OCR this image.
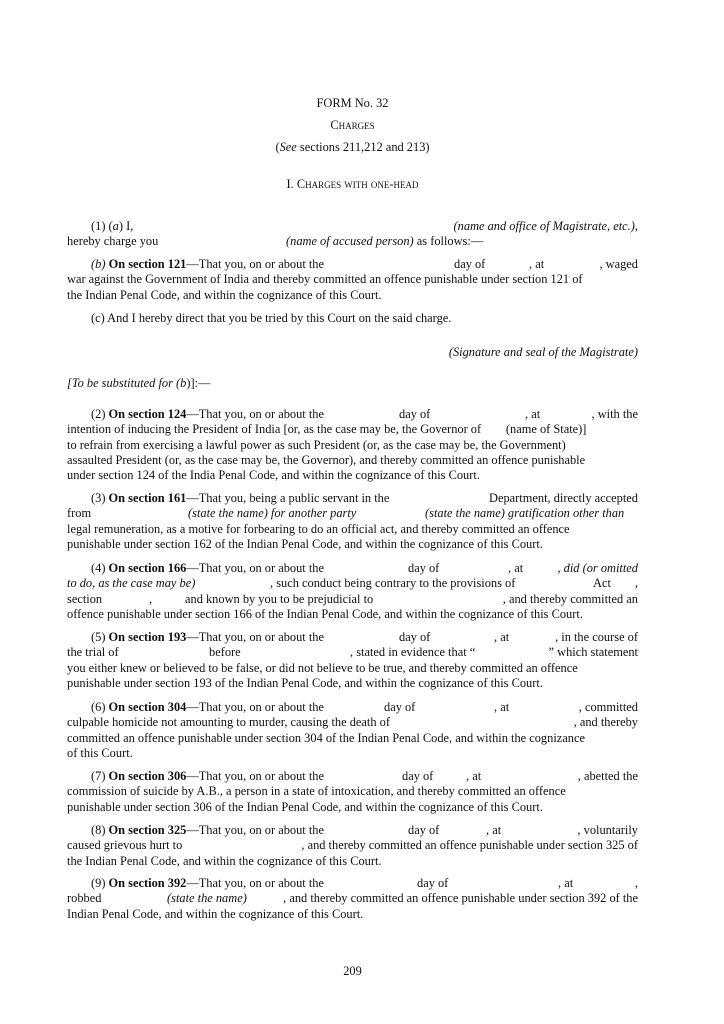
FORM No. 32
Charges
(See sections 211,212 and 213)
I. Charges with one-head
(1) (a) I,	(name and office of Magistrate, etc.),
hereby charge you	(name of accused person) as follows:—
(b) On section 121—That you, on or about the	day of	, at	, waged
war against the Government of India and thereby committed an offence punishable under section 121 of
the Indian Penal Code, and within the cognizance of this Court.
(c) And I hereby direct that you be tried by this Court on the said charge.
(Signature and seal of the Magistrate)
[To be substituted for (b)]:—
(2) On section 124—That you, on or about the	day of	, at	, with the
intention of inducing the President of India [or, as the case may be, the Governor of        (name of State)]
to refrain from exercising a lawful power as such President (or, as the case may be, the Government)
assaulted President (or, as the case may be, the Governor), and thereby committed an offence punishable
under section 124 of the India Penal Code, and within the cognizance of this Court.
(3) On section 161—That you, being a public servant in the	Department, directly accepted
from	(state the name) for another party	(state the name) gratification other than
legal remuneration, as a motive for forbearing to do an official act, and thereby committed an offence
punishable under section 162 of the Indian Penal Code, and within the cognizance of this Court.
(4) On section 166—That you, on or about the	day of	, at	, did (or omitted
to do, as the case may be)	, such conduct being contrary to the provisions of	Act ,
section	,	and known by you to be prejudicial to	, and thereby committed an
offence punishable under section 166 of the Indian Penal Code, and within the cognizance of this Court.
(5) On section 193—That you, on or about the	day of	, at	, in the course of
the trial of	before	, stated in evidence that “	” which statement
you either knew or believed to be false, or did not believe to be true, and thereby committed an offence
punishable under section 193 of the Indian Penal Code, and within the cognizance of this Court.
(6) On section 304—That you, on or about the	day of	, at	, committed
culpable homicide not amounting to murder, causing the death of	, and thereby
committed an offence punishable under section 304 of the Indian Penal Code, and within the cognizance
of this Court.
(7) On section 306—That you, on or about the	day of	, at	, abetted the
commission of suicide by A.B., a person in a state of intoxication, and thereby committed an offence
punishable under section 306 of the Indian Penal Code, and within the cognizance of this Court.
(8) On section 325—That you, on or about the	day of	, at	, voluntarily
caused grievous hurt to	, and thereby committed an offence punishable under section 325 of
the Indian Penal Code, and within the cognizance of this Court.
(9) On section 392—That you, on or about the	day of	, at	,
robbed	(state the name)	, and thereby committed an offence punishable under section 392 of the
Indian Penal Code, and within the cognizance of this Court.
209
